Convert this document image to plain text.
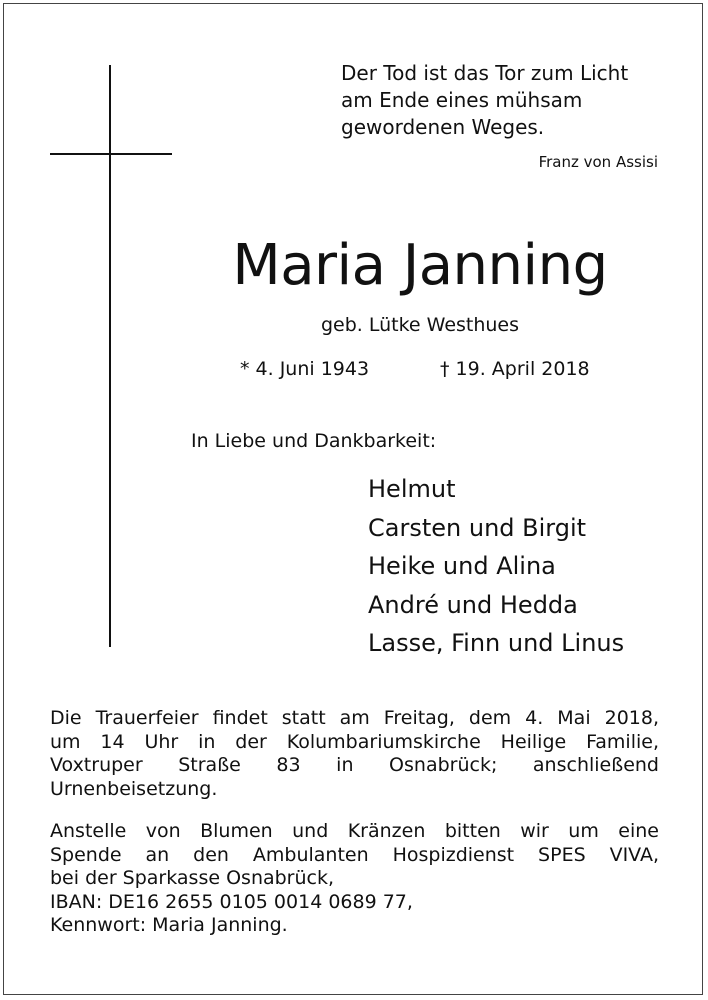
Der Tod ist das Tor zum Licht
am Ende eines mühsam
gewordenen Weges.
Franz von Assisi
Maria Janning
geb. Lütke Westhues
* 4. Juni 1943	† 19. April 2018
In Liebe und Dankbarkeit:
Helmut
Carsten und Birgit
Heike und Alina
André und Hedda
Lasse, Finn und Linus
Die Trauerfeier findet statt am Freitag, dem 4. Mai 2018,
um 14 Uhr in der Kolumbariumskirche Heilige Familie,
Voxtruper Straße 83 in Osnabrück; anschließend
Urnenbeisetzung.
Anstelle von Blumen und Kränzen bitten wir um eine
Spende an den Ambulanten Hospizdienst SPES VIVA,
bei der Sparkasse Osnabrück,
IBAN: DE16 2655 0105 0014 0689 77,
Kennwort: Maria Janning.
